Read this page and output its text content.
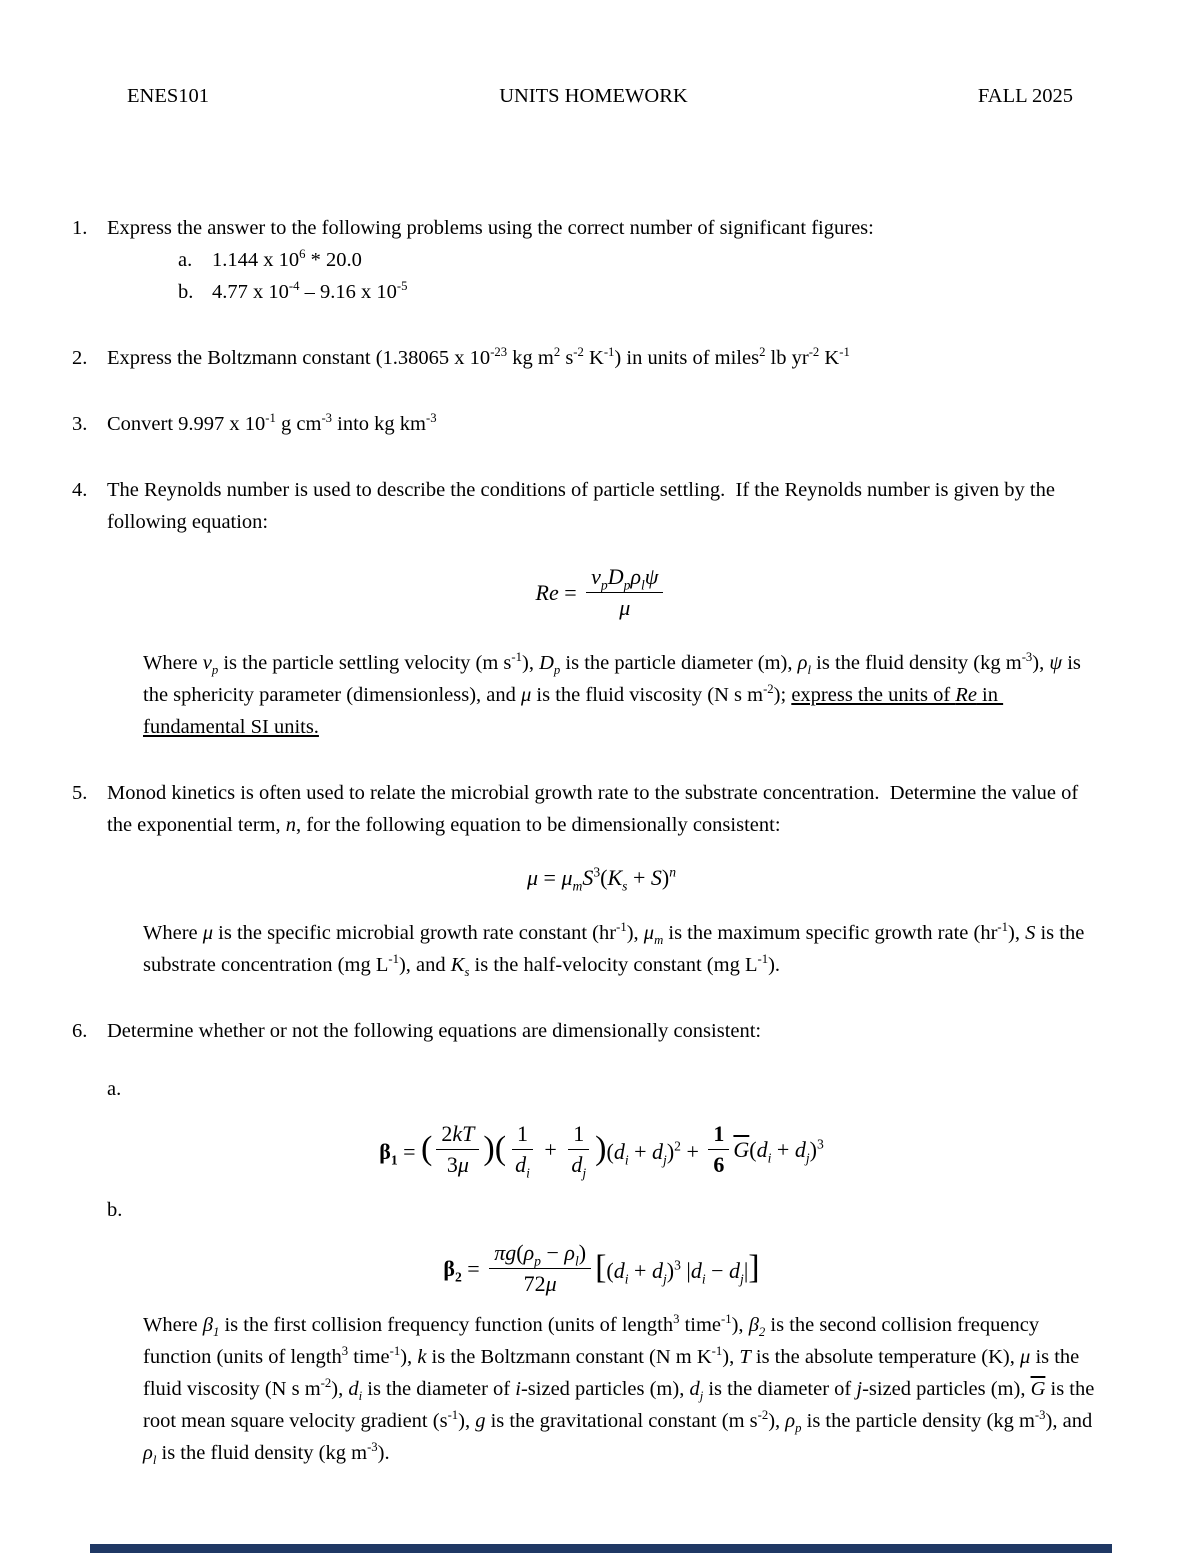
ENES101	UNITS HOMEWORK	FALL 2025
1. Express the answer to the following problems using the correct number of significant figures:
a. 1.144 x $10^6 * 20.0$
b. 4.77 x $10^{-4} - 9.16$ x $10^{-5}$
2. Express the Boltzmann constant (1.38065 x $10^{-23}$ kg $m^2$ $s^{-2}$ $K^{-1}$) in units of miles$^2$ lb $yr^{-2}$ $K^{-1}$
3. Convert 9.997 x $10^{-1}$ g $cm^{-3}$ into kg $km^{-3}$
4. The Reynolds number is used to describe the conditions of particle settling.  If the Reynolds number is given by the following equation:
$Re = \frac{v_pD_p\rho_l\psi}{\mu}$
Where $v_p$ is the particle settling velocity (m $s^{-1}$), $D_p$ is the particle diameter (m), $\rho_l$ is the fluid density (kg $m^{-3}$), ψ is the sphericity parameter (dimensionless), and μ is the fluid viscosity (N s $m^{-2}$); express the units of Re in fundamental SI units.
5. Monod kinetics is often used to relate the microbial growth rate to the substrate concentration.  Determine the value of the exponential term, n, for the following equation to be dimensionally consistent:
$\mu = \mu_mS^3(K_s + S)^n$
Where μ is the specific microbial growth rate constant $(hr^{-1})$, $\mu_m$ is the maximum specific growth rate $(hr^{-1})$, S is the substrate concentration (mg $L^{-1}$), and $K_s$ is the half-velocity constant (mg $L^{-1}$).
6. Determine whether or not the following equations are dimensionally consistent:
a.
$\beta_1$ = ( $\frac{2kT}{3\mu}$ )( $\frac{1}{d_i} + \frac{1}{d_j} )(d_i + d_j)^2 + \frac{1}{6} \overline{G}(d_i + d_j)^3$
b.
$\beta_2 = \frac{\pi g(\rho_p - \rho_l)}{72\mu} [(d_i + d_j)^3$ $|d_i - d_j|$]
Where $\beta_1$ is the first collision frequency function (units of length$^3$ time$^{-1}$), $\beta_2$ is the second collision frequency function (units of length$^3$ time$^{-1}$), k is the Boltzmann constant (N m $K^{-1}$), T is the absolute temperature (K), μ is the fluid viscosity (N s $m^{-2}$), $d_i$ is the diameter of i-sized particles (m), $d_j$ is the diameter of j-sized particles (m), $\overline{G}$ is the root mean square velocity gradient $(s^{-1})$, g is the gravitational constant (m $s^{-2}$), $\rho_p$ is the particle density (kg $m^{-3}$), and $\rho_l$ is the fluid density (kg $m^{-3}$).
